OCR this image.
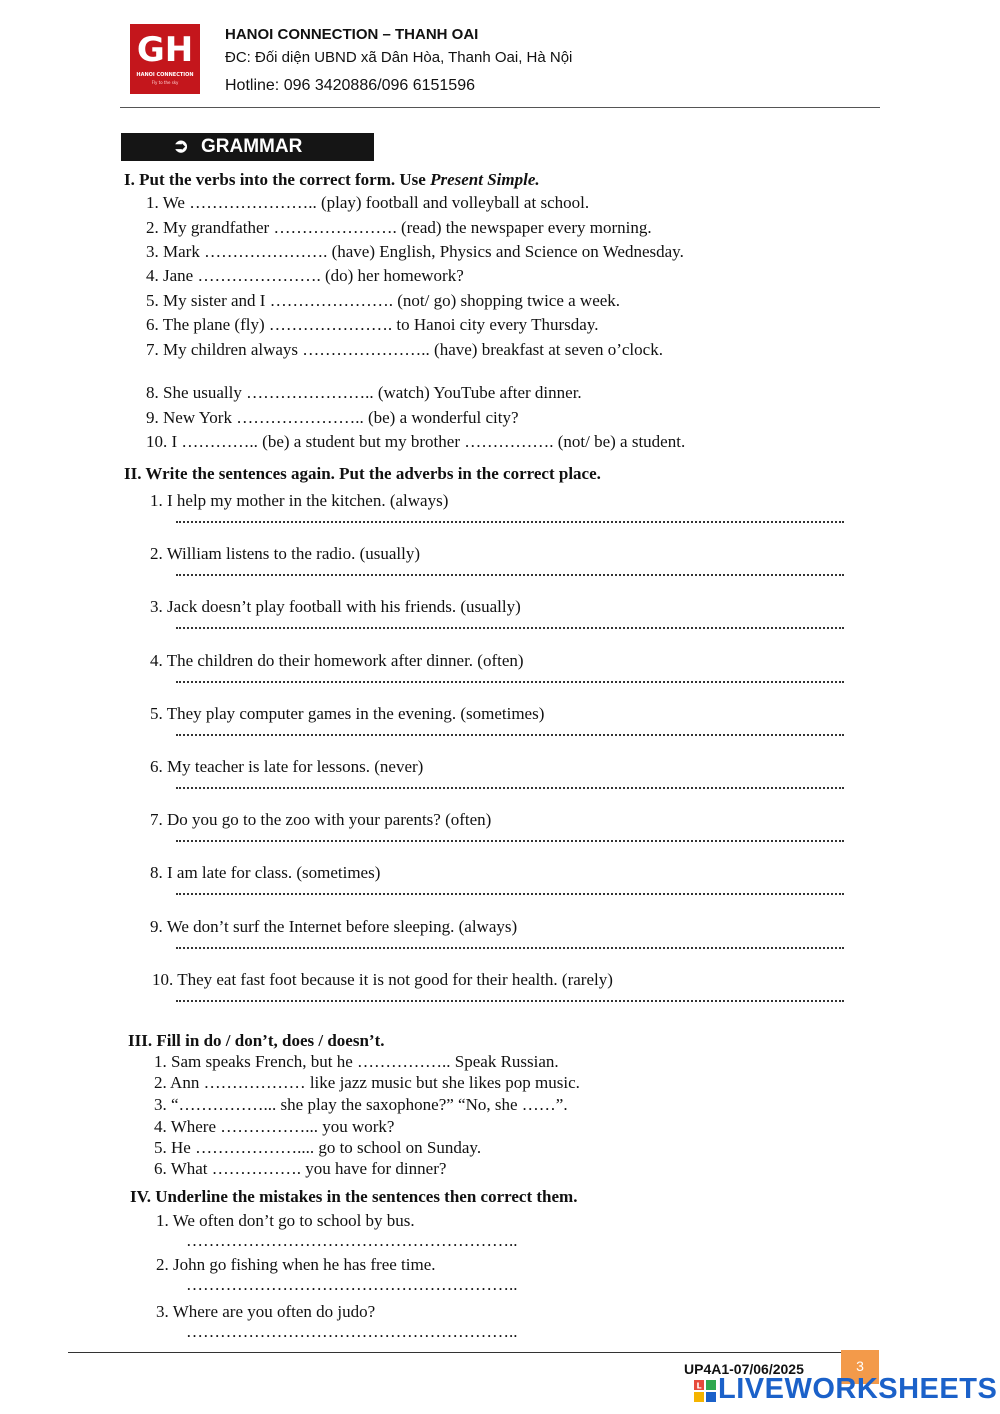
GH
HANOI CONNECTION
Fly to the sky
HANOI CONNECTION – THANH OAI
ĐC: Đối diện UBND xã Dân Hòa, Thanh Oai, Hà Nội
Hotline: 096 3420886/096 6151596
➲ GRAMMAR
I. Put the verbs into the correct form. Use Present Simple.
1. We ………………….. (play) football and volleyball at school.
2. My grandfather …………………. (read) the newspaper every morning.
3. Mark …………………. (have) English, Physics and Science on Wednesday.
4. Jane …………………. (do) her homework?
5. My sister and I …………………. (not/ go) shopping twice a week.
6. The plane (fly) …………………. to Hanoi city every Thursday.
7. My children always ………………….. (have) breakfast at seven o’clock.
8. She usually ………………….. (watch) YouTube after dinner.
9. New York ………………….. (be) a wonderful city?
10. I ………….. (be) a student but my brother ……………. (not/ be) a student.
II. Write the sentences again. Put the adverbs in the correct place.
1. I help my mother in the kitchen. (always)
2. William listens to the radio. (usually)
3. Jack doesn’t play football with his friends. (usually)
4. The children do their homework after dinner. (often)
5. They play computer games in the evening. (sometimes)
6. My teacher is late for lessons. (never)
7. Do you go to the zoo with your parents? (often)
8. I am late for class. (sometimes)
9. We don’t surf the Internet before sleeping. (always)
10. They eat fast foot because it is not good for their health. (rarely)
III. Fill in do / don’t, does / doesn’t.
1. Sam speaks French, but he …………….. Speak Russian.
2. Ann ……………… like jazz music but she likes pop music.
3. “……………... she play the saxophone?” “No, she ……”.
4. Where ……………... you work?
5. He ……………….... go to school on Sunday.
6. What ……………. you have for dinner?
IV. Underline the mistakes in the sentences then correct them.
1. We often don’t go to school by bus.
…………………………………………………..
2. John go fishing when he has free time.
…………………………………………………..
3. Where are you often do judo?
…………………………………………………..
UP4A1-07/06/2025	3
L LIVEWORKSHEETS
